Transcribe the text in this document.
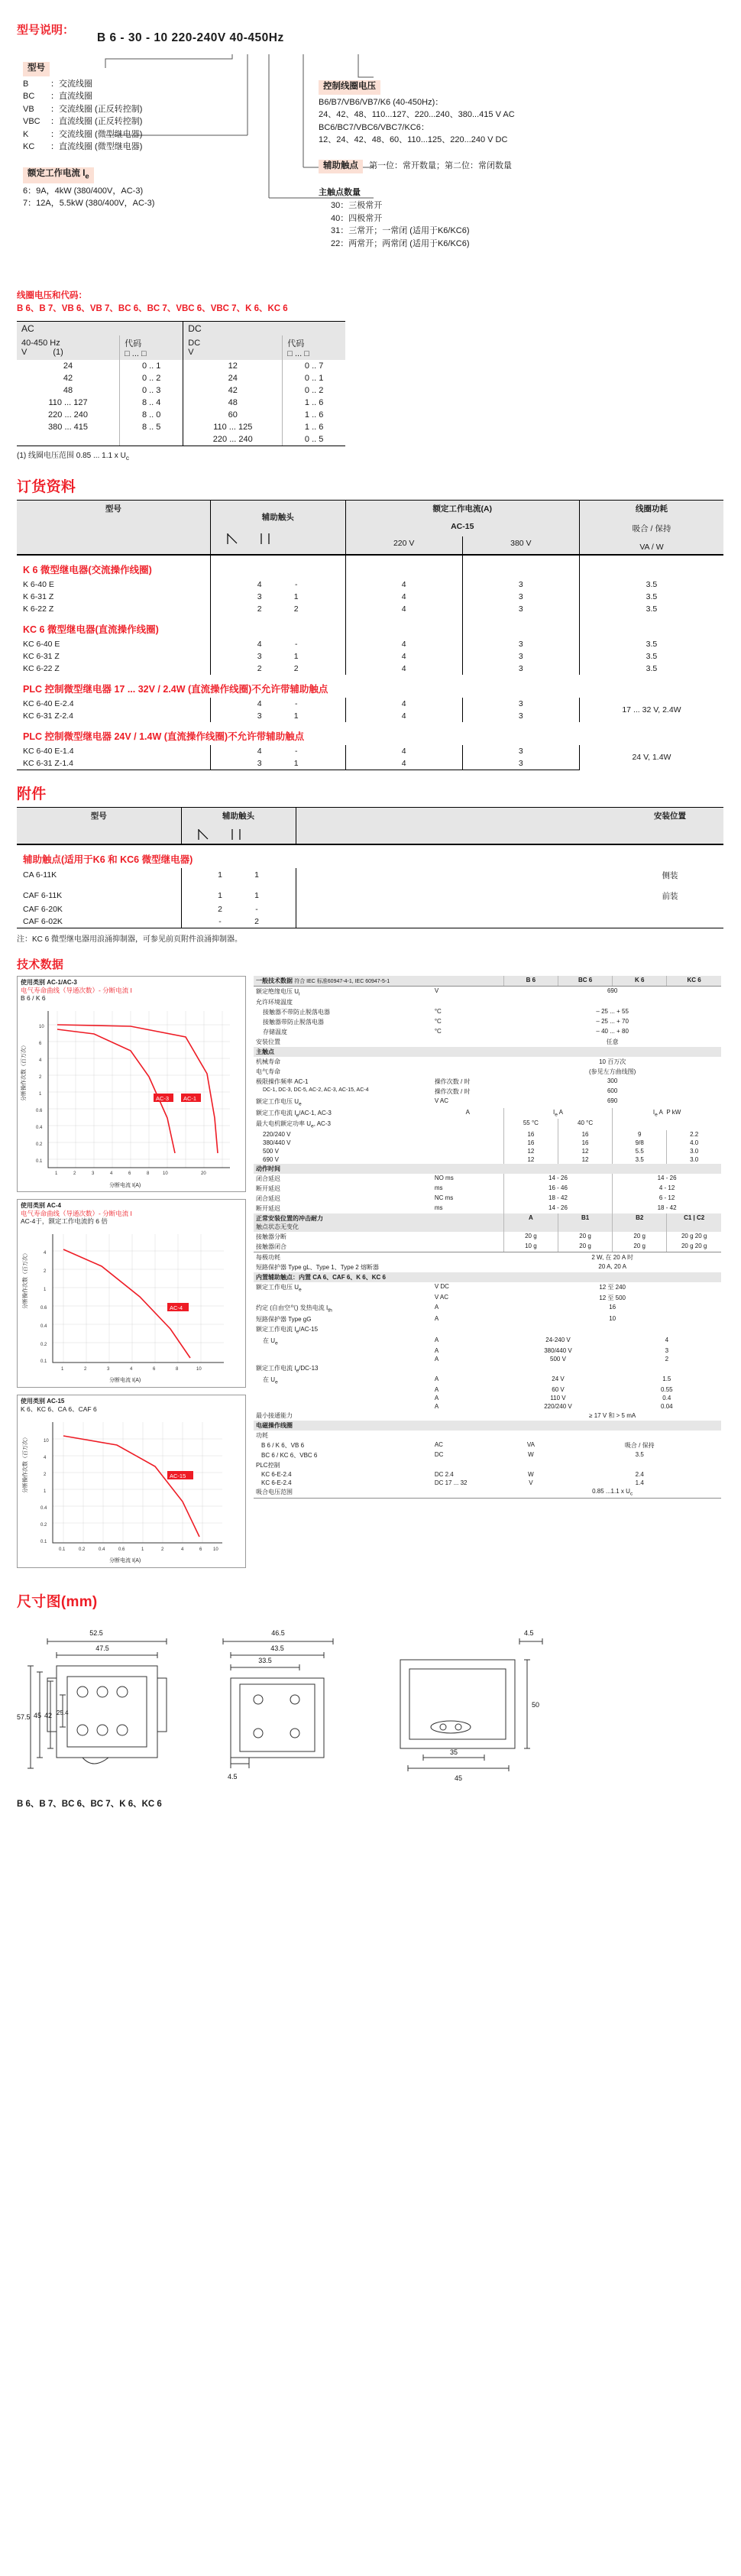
型号说明：
B 6 - 30 - 10 220-240V 40-450Hz
型号
B	：交流线圈
BC ：直流线圈
VB ：交流线圈 (正反转控制)
VBC ：直流线圈 (正反转控制)
K	：交流线圈 (微型继电器)
KC ：直流线圈 (微型继电器)
额定工作电流 $I_e$
6：9A，4kW (380/400V，AC-3)
7：12A，5.5kW (380/400V，AC-3)
控制线圈电压
B6/B7/VB6/VB7/K6 (40-450Hz)：
24、42、48、110...127、220...240、380...415 V AC
BC6/BC7/VBC6/VBC7/KC6：
12、24、42、48、60、110...125、220...240 V DC
辅助触点 第一位：常开数量；第二位：常闭数量
主触点数量
30：三极常开
40：四极常开
31：三常开；一常闭 (适用于K6/KC6)
22：两常开；两常闭 (适用于K6/KC6)
线圈电压和代码：
B 6、B 7、VB 6、VB 7、BC 6、BC 7、VBC 6、VBC 7、K 6、KC 6
AC		DC	

40-450 Hz
V	(1)

代码
□ ... □

DC
V

代码
□ ... □

24	0 .. 1	12	0 .. 7
42	0 .. 2	24	0 .. 1
48	0 .. 3	42	0 .. 2
110 ... 127	8 .. 4	48	1 .. 6
220 ... 240	8 .. 0	60	1 .. 6
380 ... 415	8 .. 5	110 ... 125	1 .. 6
		220 ... 240	0 .. 5
(1) 线圈电压范围 0.85 ... 1.1 x $U_c$
订货资料
型号	辅助触头	额定工作电流(A)		线圈功耗
吸合 / 保持
VA / W

		AC-15		
		220 V	380 V	

K 6 微型继电器(交流操作线圈)				
K 6-40 E	4 -	4	3	3.5
K 6-31 Z	3 1	4	3	3.5
K 6-22 Z	2 2	4	3	3.5
KC 6 微型继电器(直流操作线圈)				
KC 6-40 E	4 -	4	3	3.5
KC 6-31 Z	3 1	4	3	3.5
KC 6-22 Z	2 2	4	3	3.5
PLC 控制微型继电器 17 ... 32V / 2.4W (直流操作线圈)不允许带辅助触点				
KC 6-40 E-2.4	4 -	4	3	17 ... 32 V, 2.4W
KC 6-31 Z-2.4	3 1	4	3	
PLC 控制微型继电器 24V / 1.4W (直流操作线圈)不允许带辅助触点				
KC 6-40 E-1.4	4 -	4	3	24 V, 1.4W
KC 6-31 Z-1.4	3 1	4	3	
附件
型号	辅助触头		安装位置

辅助触点(适用于K6 和 KC6 微型继电器)			
CA 6-11K	1 1		侧装
CAF 6-11K	1 1		前装
CAF 6-20K	2 -		
CAF 6-02K	- 2		
注：KC 6 微型继电器用浪涌抑制器，可参见前页附件浪涌抑制器。
技术数据
使用类别 AC-1/AC-3
电气寿命曲线（导通次数）- 分断电流 I
B 6 / K 6
AC-3	AC-1
分断操作次数（百万次）
分断电流 I(A)
10
6
4
2
1
0.6
0.4
0.2
0.1
1	2	3	4	6	8	10	20
使用类别 AC-4
电气寿命曲线（导通次数）- 分断电流 I
AC-4于，额定工作电流的 6 倍
AC-4
分断操作次数（百万次）
分断电流 I(A)
4
2
1
0.6
0.4
0.2
0.1
1	2	3	4	6	8	10
使用类别 AC-15
K 6、KC 6、CA 6、CAF 6
AC-15
分断操作次数（百万次）
分断电流 I(A)
10
4
2
1
0.4
0.2
0.1
0.1	0.2	0.4	0.6	1	2	4	6 10
一般技术数据 符合 IEC 标准60947-4-1, IEC 60947-5-1		B 6	BC 6	K 6	KC 6

额定绝缘电压 $U_i$	V	690			
允许环境温度					
接触器不带防止脱落电器	°C	– 25 ... + 55			
接触器带防止脱落电器	°C	– 25 ... + 70			
存储温度	°C	– 40 ... + 80			
安装位置		任意			
主触点					
机械寿命		10 百万次			
电气寿命		(参见左方曲线图)			
极限操作频率 AC-1	操作次数 / 时	300			
DC-1, DC-3, DC-5, AC-2, AC-3, AC-15, AC-4	操作次数 / 时	600			
额定工作电压 $U_e$	V AC	690			
额定工作电流 $I_e/AC-1$, AC-3	A	$I_e$ A		$I_e$ A  P kW	
最大电机额定功率 $U_e$, AC-3		55 °C	40 °C		
220/240 V		16	16	9	2.2
380/440 V		16	16	9/8	4.0
500 V		12	12	5.5	3.0
690 V		12	12	3.5	3.0
动作时间					
闭合延迟	NO ms	14 - 26		14 - 26	
断开延迟	ms	16 - 46		4 - 12	
闭合延迟	NC ms	18 - 42		6 - 12	
断开延迟	ms	14 - 26		18 - 42	

正常安装位置的冲击耐力
触点状态无变化		A	B1	B2	C1 | C2
接触器分断		20 g	20 g	20 g	20 g 20 g
接触器闭合		10 g	20 g	20 g	20 g 20 g

每极功耗		2 W, 在 20 A 时			
短路保护器 Type gL、Type 1、Type 2 熔断器		20 A, 20 A			
内置辅助触点：内置 CA 6、CAF 6、K 6、KC 6					
额定工作电压 $U_e$	V DC	12 至 240			
	V AC	12 至 500			
约定 (自由空气) 发热电流 $I_{th}$	A	16			
短路保护器 Type gG	A	10			
额定工作电流 $I_e/AC-15$					
在 $U_e$	A	24-240 V		4	
	A	380/440 V		3	
	A	500 V		2	
额定工作电流 $I_e/DC-13$					
在 $U_e$	A	24 V		1.5	
	A	60 V		0.55	
	A	110 V		0.4	
	A	220/240 V		0.04	
最小接通能力		≥ 17 V 和 > 5 mA			
电磁操作线圈					
功耗					
B 6 / K 6、VB 6	AC	VA	吸合 / 保持		
BC 6 / KC 6、VBC 6	DC	W	3.5		
PLC控制					
KC 6-E-2.4	DC 2.4	W	2.4		
KC 6-E-2.4	DC 17 ... 32	V	1.4		
吸合电压范围		0.85 ...1.1 x $U_c$
尺寸图(mm)
52.5
47.5
57.5 45 42 25.4
46.5
43.5
33.5
4.5
50
4.5
35
45
B 6、B 7、BC 6、BC 7、K 6、KC 6
